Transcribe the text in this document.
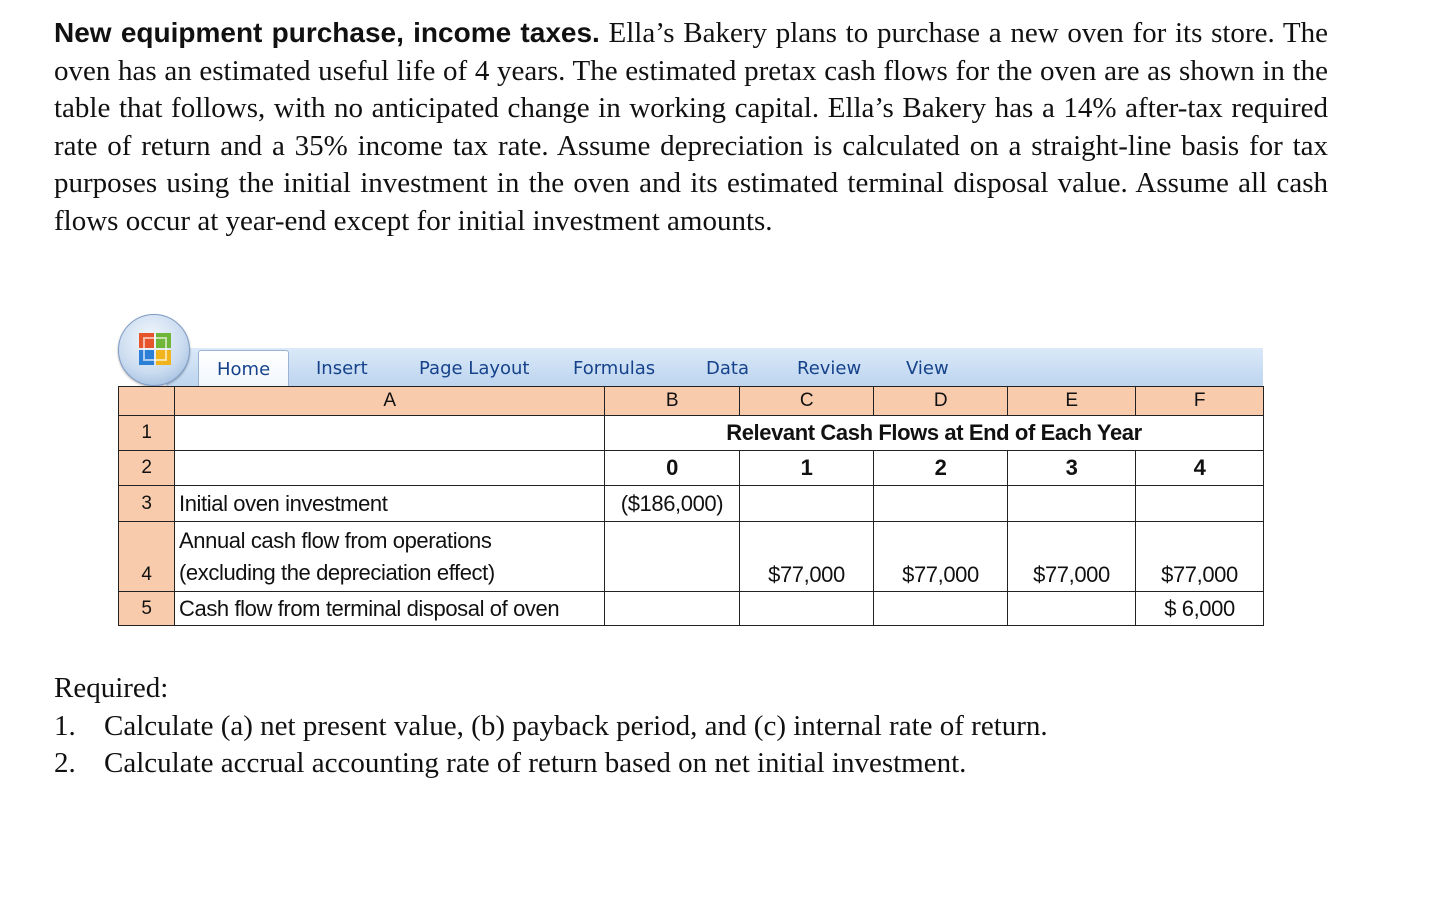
New equipment purchase, income taxes. Ella’s Bakery plans to purchase a new oven for its store. The oven has an estimated useful life of 4 years. The estimated pretax cash flows for the oven are as shown in the table that follows, with no anticipated change in working capital. Ella’s Bakery has a 14% after-tax required rate of return and a 35% income tax rate. Assume depreciation is calculated on a straight-line basis for tax purposes using the initial investment in the oven and its estimated terminal disposal value. Assume all cash flows occur at year-end except for initial investment amounts.

Home	Insert	Page Layout Formulas	Data	Review View
	A	B	C	D	E	F
1		Relevant Cash Flows at End of Each Year				
2		0	1	2	3	4
3	Initial oven investment	($186,000)				
4	Annual cash flow from operations
(excluding the depreciation effect)		$77,000	$77,000	$77,000	$77,000
5	Cash flow from terminal disposal of oven					$ 6,000
Required:
1. Calculate (a) net present value, (b) payback period, and (c) internal rate of return.
2. Calculate accrual accounting rate of return based on net initial investment.
